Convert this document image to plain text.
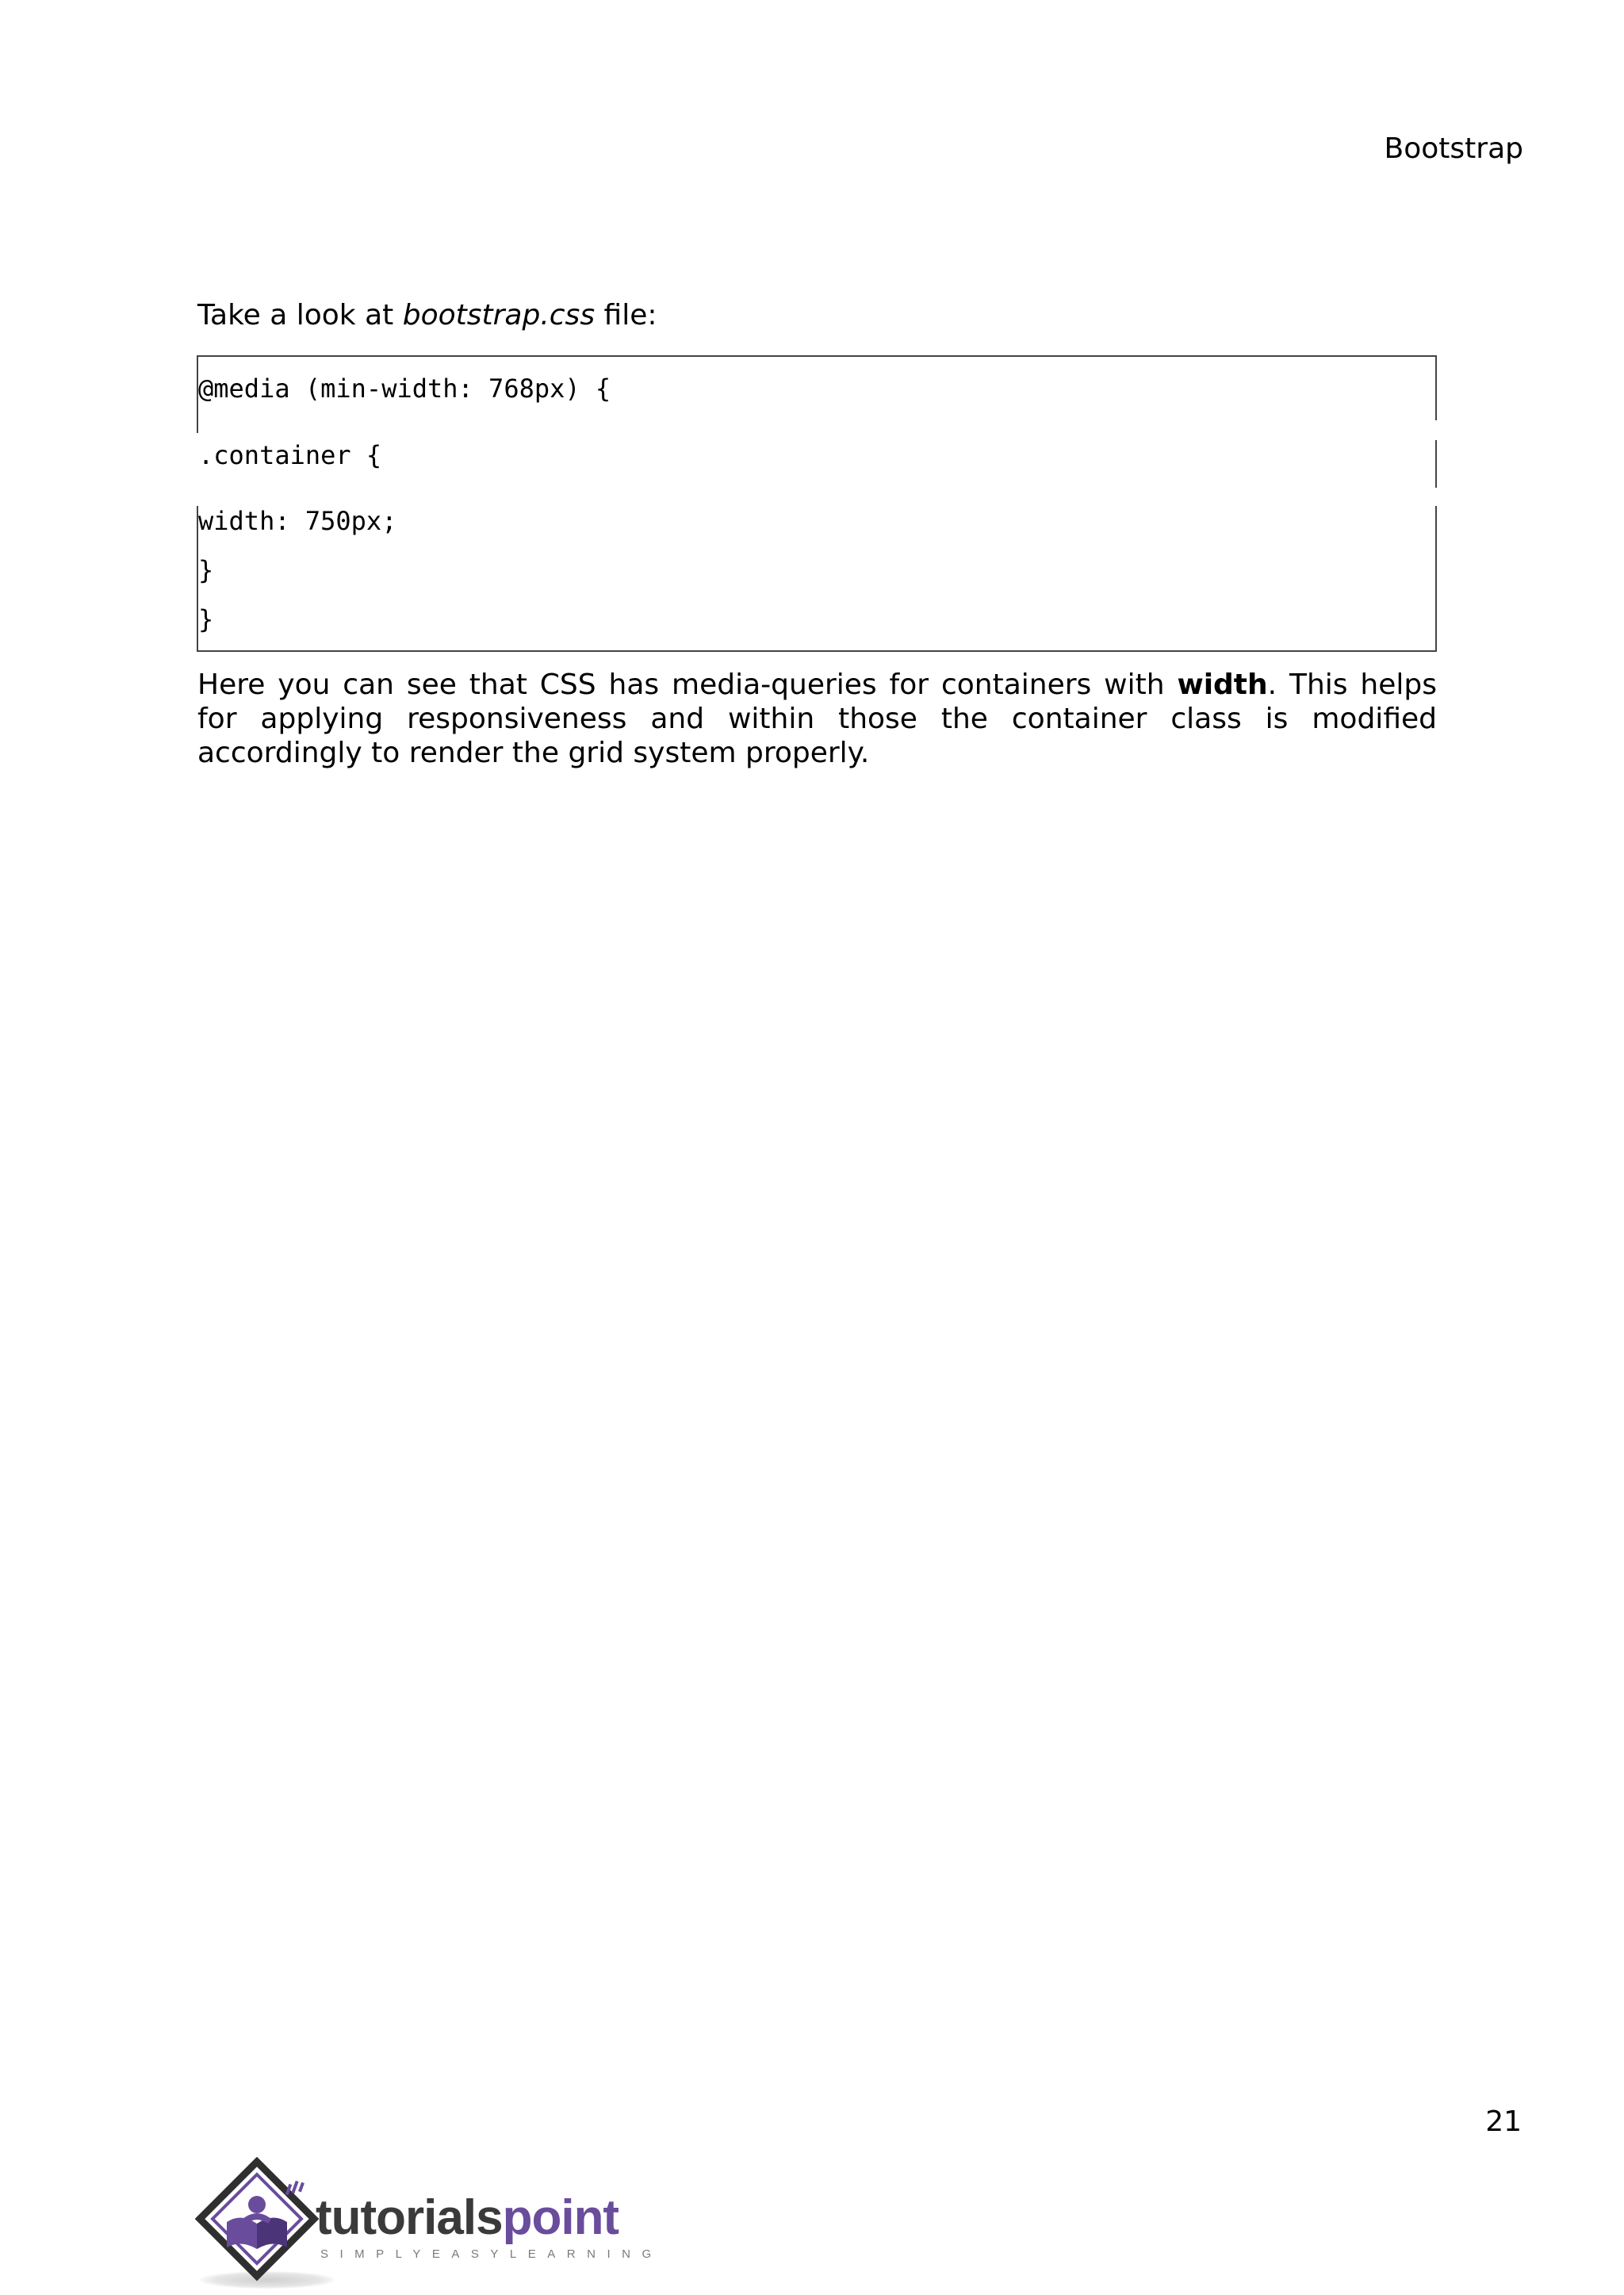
Bootstrap
Take a look at bootstrap.css file:
@media (min-width: 768px) {
.container {
width: 750px;
}
}
Here you can see that CSS has media-queries for containers with width. This helps for applying responsiveness and within those the container class is modified accordingly to render the grid system properly.
21
tutorialspoint
SIMPLYEASYLEARNING
